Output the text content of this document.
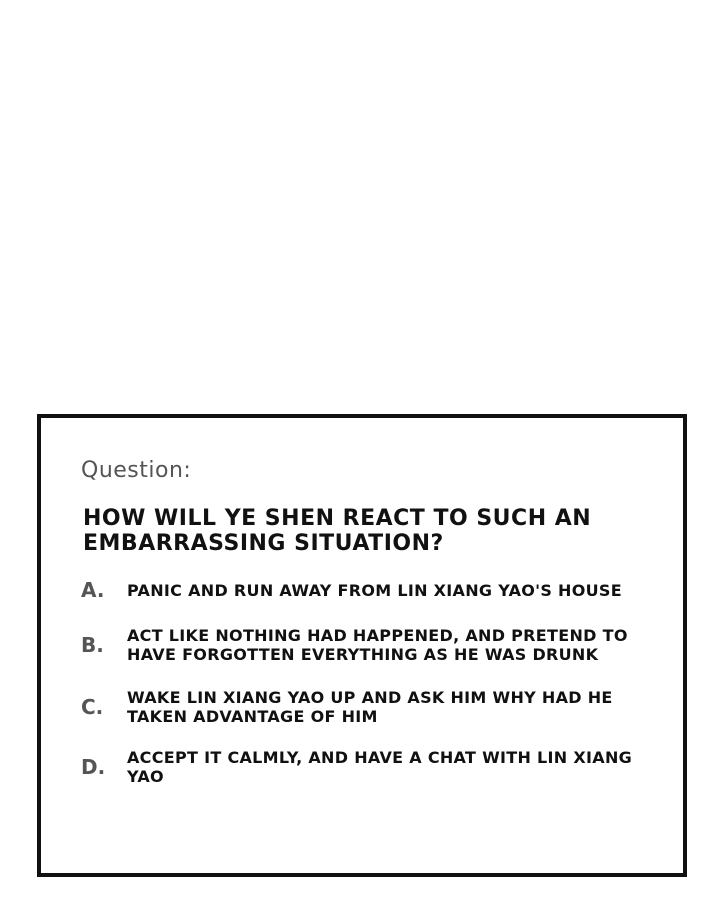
Question:
HOW WILL YE SHEN REACT TO SUCH AN EMBARRASSING SITUATION?
A.	PANIC AND RUN AWAY FROM LIN XIANG YAO'S HOUSE
B.	ACT LIKE NOTHING HAD HAPPENED, AND PRETEND TO HAVE FORGOTTEN EVERYTHING AS HE WAS DRUNK
C.	WAKE LIN XIANG YAO UP AND ASK HIM WHY HAD HE TAKEN ADVANTAGE OF HIM
D.	ACCEPT IT CALMLY, AND HAVE A CHAT WITH LIN XIANG YAO
